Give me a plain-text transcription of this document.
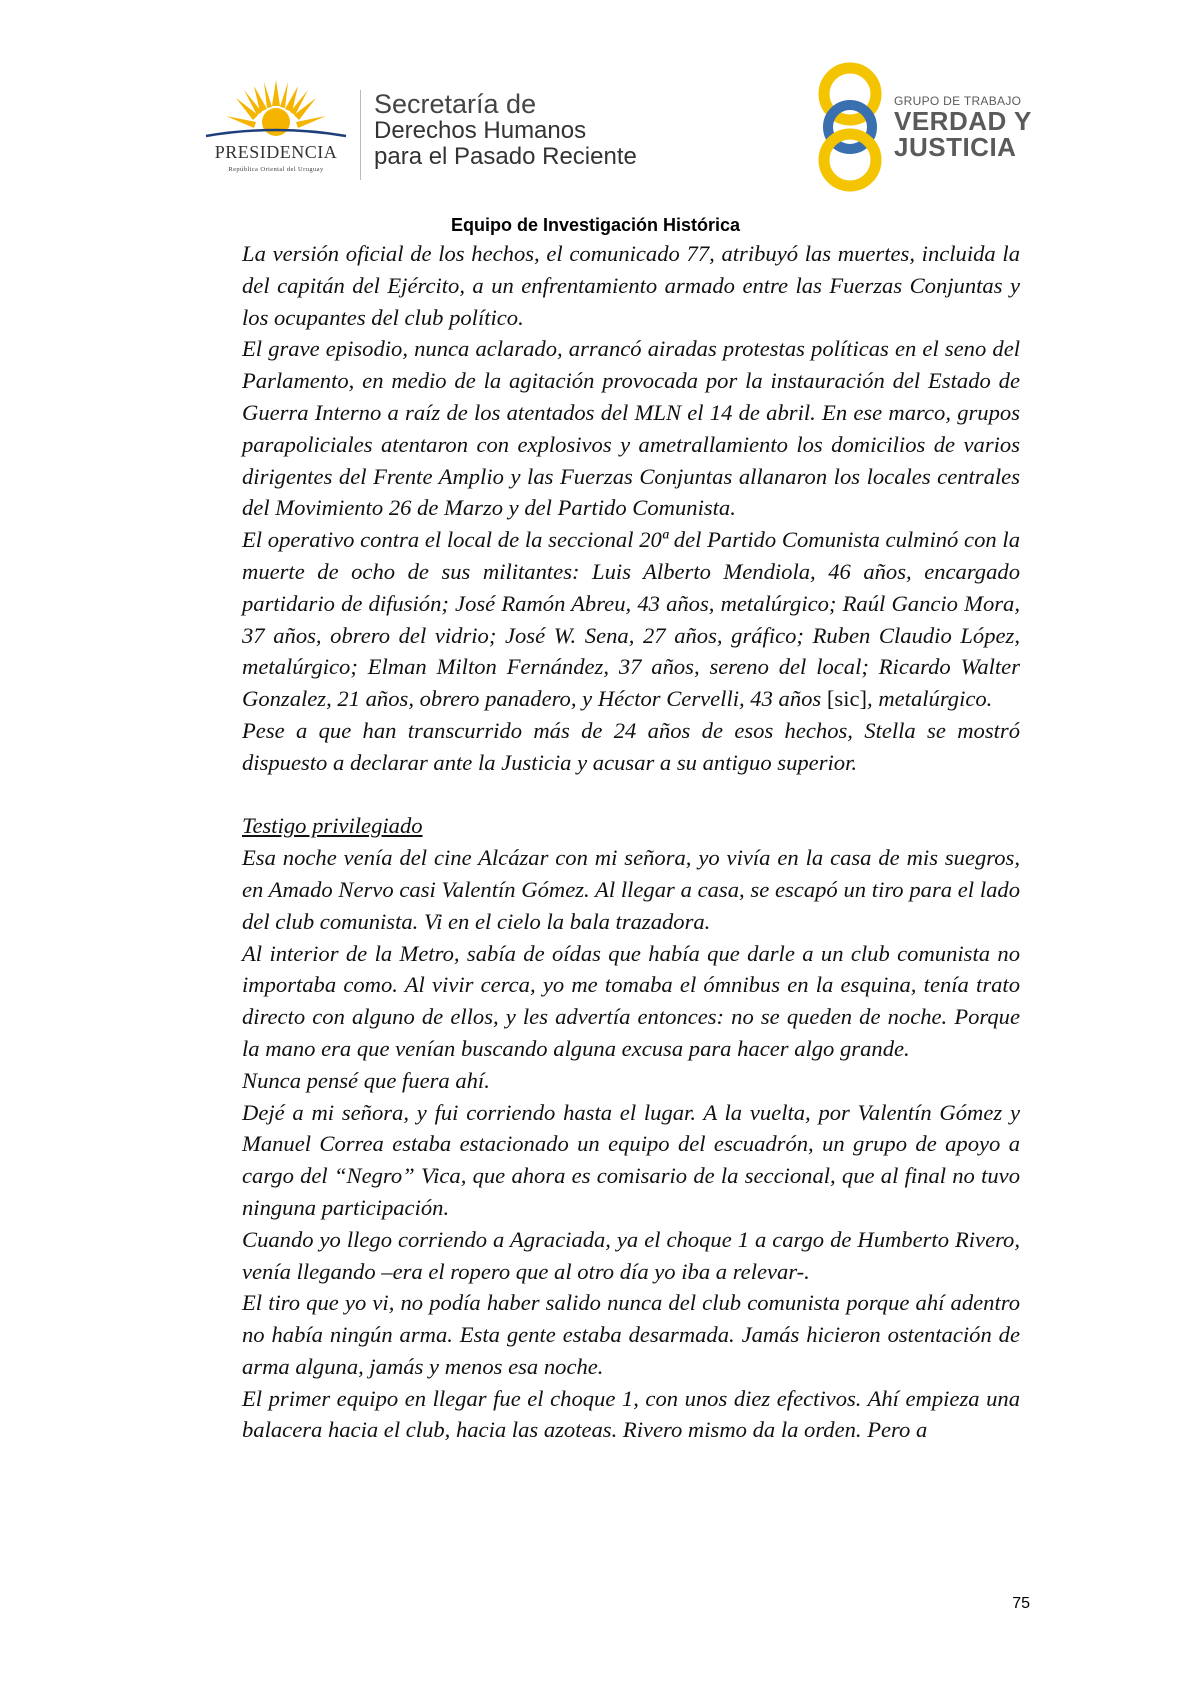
PRESIDENCIA
República Oriental del Uruguay
Secretaría de
Derechos Humanos
para el Pasado Reciente
GRUPO DE TRABAJO
VERDAD Y
JUSTICIA
Equipo de Investigación Histórica

La versión oficial de los hechos, el comunicado 77, atribuyó las muertes, incluida la del capitán del Ejército, a un enfrentamiento armado entre las Fuerzas Conjuntas y los ocupantes del club político.

El grave episodio, nunca aclarado, arrancó airadas protestas políticas en el seno del Parlamento, en medio de la agitación provocada por la instauración del Estado de Guerra Interno a raíz de los atentados del MLN el 14 de abril. En ese marco, grupos parapoliciales atentaron con explosivos y ametrallamiento los domicilios de varios dirigentes del Frente Amplio y las Fuerzas Conjuntas allanaron los locales centrales del Movimiento 26 de Marzo y del Partido Comunista.

El operativo contra el local de la seccional 20ª del Partido Comunista culminó con la muerte de ocho de sus militantes: Luis Alberto Mendiola, 46 años, encargado partidario de difusión; José Ramón Abreu, 43 años, metalúrgico; Raúl Gancio Mora, 37 años, obrero del vidrio; José W. Sena, 27 años, gráfico; Ruben Claudio López, metalúrgico; Elman Milton Fernández, 37 años, sereno del local; Ricardo Walter Gonzalez, 21 años, obrero panadero, y Héctor Cervelli, 43 años [sic], metalúrgico.

Pese a que han transcurrido más de 24 años de esos hechos, Stella se mostró dispuesto a declarar ante la Justicia y acusar a su antiguo superior.

Testigo privilegiado

Esa noche venía del cine Alcázar con mi señora, yo vivía en la casa de mis suegros, en Amado Nervo casi Valentín Gómez. Al llegar a casa, se escapó un tiro para el lado del club comunista. Vi en el cielo la bala trazadora.

Al interior de la Metro, sabía de oídas que había que darle a un club comunista no importaba como. Al vivir cerca, yo me tomaba el ómnibus en la esquina, tenía trato directo con alguno de ellos, y les advertía entonces: no se queden de noche. Porque la mano era que venían buscando alguna excusa para hacer algo grande.

Nunca pensé que fuera ahí.

Dejé a mi señora, y fui corriendo hasta el lugar. A la vuelta, por Valentín Gómez y Manuel Correa estaba estacionado un equipo del escuadrón, un grupo de apoyo a cargo del “Negro” Vica, que ahora es comisario de la seccional, que al final no tuvo ninguna participación.

Cuando yo llego corriendo a Agraciada, ya el choque 1 a cargo de Humberto Rivero, venía llegando –era el ropero que al otro día yo iba a relevar-.

El tiro que yo vi, no podía haber salido nunca del club comunista porque ahí adentro no había ningún arma. Esta gente estaba desarmada. Jamás hicieron ostentación de arma alguna, jamás y menos esa noche.

El primer equipo en llegar fue el choque 1, con unos diez efectivos. Ahí empieza una balacera hacia el club, hacia las azoteas. Rivero mismo da la orden. Pero a

75
